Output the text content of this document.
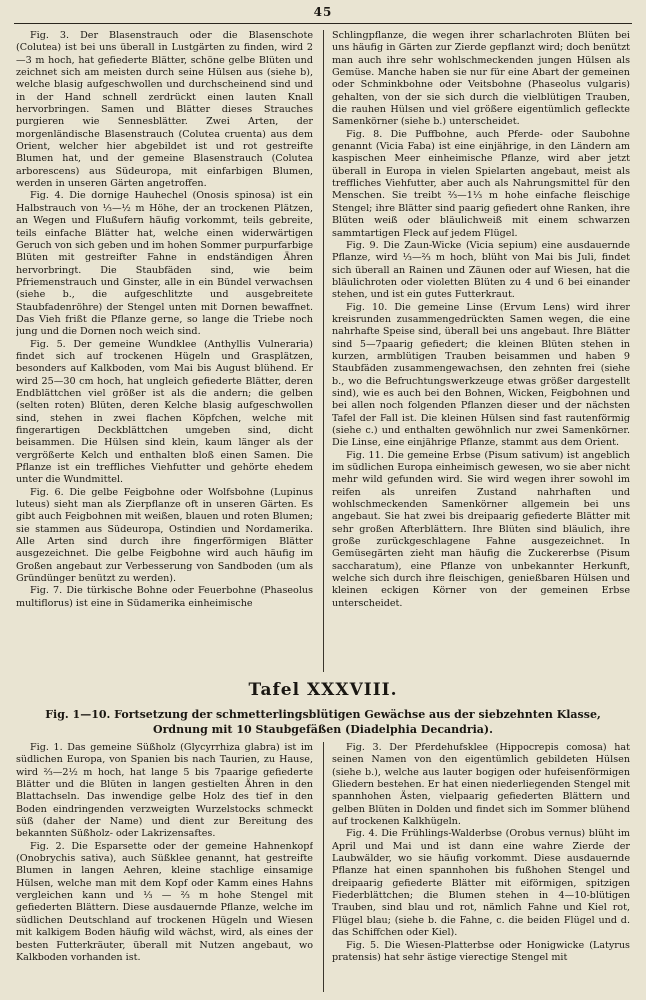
45

Fig. 3. Der Blasenstrauch oder die Blasenschote (Colutea) ist bei uns überall in Lustgärten zu finden, wird 2—3 m hoch, hat gefiederte Blätter, schöne gelbe Blüten und zeichnet sich am meisten durch seine Hülsen aus (siehe b), welche blasig aufgeschwollen und durchscheinend sind und in der Hand schnell zerdrückt einen lauten Knall hervorbringen. Samen und Blätter dieses Strauches purgieren wie Sennesblätter. Zwei Arten, der morgenländische Blasenstrauch (Colutea cruenta) aus dem Orient, welcher hier abgebildet ist und rot gestreifte Blumen hat, und der gemeine Blasenstrauch (Colutea arborescens) aus Südeuropa, mit einfarbigen Blumen, werden in unseren Gärten angetroffen.

Fig. 4. Die dornige Hauhechel (Onosis spinosa) ist ein Halbstrauch von ⅓—½ m Höhe, der an trockenen Plätzen, an Wegen und Flußufern häufig vorkommt, teils gebreite, teils einfache Blätter hat, welche einen widerwärtigen Geruch von sich geben und im hohen Sommer purpurfarbige Blüten mit gestreifter Fahne in endständigen Ähren hervorbringt. Die Staubfäden sind, wie beim Pfriemenstrauch und Ginster, alle in ein Bündel verwachsen (siehe b., die aufgeschlitzte und ausgebreitete Staubfadenröhre) der Stengel unten mit Dornen bewaffnet. Das Vieh frißt die Pflanze gerne, so lange die Triebe noch jung und die Dornen noch weich sind.

Fig. 5. Der gemeine Wundklee (Anthyllis Vulneraria) findet sich auf trockenen Hügeln und Grasplätzen, besonders auf Kalkboden, vom Mai bis August blühend. Er wird 25—30 cm hoch, hat ungleich gefiederte Blätter, deren Endblättchen viel größer ist als die andern; die gelben (selten roten) Blüten, deren Kelche blasig aufgeschwollen sind, stehen in zwei flachen Köpfchen, welche mit fingerartigen Deckblättchen umgeben sind, dicht beisammen. Die Hülsen sind klein, kaum länger als der vergrößerte Kelch und enthalten bloß einen Samen. Die Pflanze ist ein treffliches Viehfutter und gehörte ehedem unter die Wundmittel.

Fig. 6. Die gelbe Feigbohne oder Wolfsbohne (Lupinus luteus) sieht man als Zierpflanze oft in unseren Gärten. Es gibt auch Feigbohnen mit weißen, blauen und roten Blumen; sie stammen aus Südeuropa, Ostindien und Nordamerika. Alle Arten sind durch ihre fingerförmigen Blätter ausgezeichnet. Die gelbe Feigbohne wird auch häufig im Großen angebaut zur Verbesserung von Sandboden (um als Gründünger benützt zu werden).

Fig. 7. Die türkische Bohne oder Feuerbohne (Phaseolus multiflorus) ist eine in Südamerika einheimische

Schlingpflanze, die wegen ihrer scharlachroten Blüten bei uns häufig in Gärten zur Zierde gepflanzt wird; doch benützt man auch ihre sehr wohlschmeckenden jungen Hülsen als Gemüse. Manche haben sie nur für eine Abart der gemeinen oder Schminkbohne oder Veitsbohne (Phaseolus vulgaris) gehalten, von der sie sich durch die vielblütigen Trauben, die rauhen Hülsen und viel größere eigentümlich gefleckte Samenkörner (siehe b.) unterscheidet.

Fig. 8. Die Puffbohne, auch Pferde- oder Saubohne genannt (Vicia Faba) ist eine einjährige, in den Ländern am kaspischen Meer einheimische Pflanze, wird aber jetzt überall in Europa in vielen Spielarten angebaut, meist als treffliches Viehfutter, aber auch als Nahrungsmittel für den Menschen. Sie treibt ⅔—1⅓ m hohe einfache fleischige Stengel; ihre Blätter sind paarig gefiedert ohne Ranken, ihre Blüten weiß oder bläulichweiß mit einem schwarzen sammtartigen Fleck auf jedem Flügel.

Fig. 9. Die Zaun-Wicke (Vicia sepium) eine ausdauernde Pflanze, wird ⅓—⅔ m hoch, blüht von Mai bis Juli, findet sich überall an Rainen und Zäunen oder auf Wiesen, hat die bläulichroten oder violetten Blüten zu 4 und 6 bei einander stehen, und ist ein gutes Futterkraut.

Fig. 10. Die gemeine Linse (Ervum Lens) wird ihrer kreisrunden zusammengedrückten Samen wegen, die eine nahrhafte Speise sind, überall bei uns angebaut. Ihre Blätter sind 5—7paarig gefiedert; die kleinen Blüten stehen in kurzen, armblütigen Trauben beisammen und haben 9 Staubfäden zusammengewachsen, den zehnten frei (siehe b., wo die Befruchtungswerkzeuge etwas größer dargestellt sind), wie es auch bei den Bohnen, Wicken, Feigbohnen und bei allen noch folgenden Pflanzen dieser und der nächsten Tafel der Fall ist. Die kleinen Hülsen sind fast rautenförmig (siehe c.) und enthalten gewöhnlich nur zwei Samenkörner. Die Linse, eine einjährige Pflanze, stammt aus dem Orient.

Fig. 11. Die gemeine Erbse (Pisum sativum) ist angeblich im südlichen Europa einheimisch gewesen, wo sie aber nicht mehr wild gefunden wird. Sie wird wegen ihrer sowohl im reifen als unreifen Zustand nahrhaften und wohlschmeckenden Samenkörner allgemein bei uns angebaut. Sie hat zwei bis dreipaarig gefiederte Blätter mit sehr großen Afterblättern. Ihre Blüten sind bläulich, ihre große zurückgeschlagene Fahne ausgezeichnet. In Gemüsegärten zieht man häufig die Zuckererbse (Pisum saccharatum), eine Pflanze von unbekannter Herkunft, welche sich durch ihre fleischigen, genießbaren Hülsen und kleinen eckigen Körner von der gemeinen Erbse unterscheidet.

Tafel XXXVIII.
Fig. 1—10. Fortsetzung der schmetterlingsblütigen Gewächse aus der siebzehnten Klasse, Ordnung mit 10 Staubgefäßen (Diadelphia Decandria).

Fig. 1. Das gemeine Süßholz (Glycyrrhiza glabra) ist im südlichen Europa, von Spanien bis nach Taurien, zu Hause, wird ⅔—2½ m hoch, hat lange 5 bis 7paarige gefiederte Blätter und die Blüten in langen gestielten Ähren in den Blattachseln. Das inwendige gelbe Holz des tief in den Boden eindringenden verzweigten Wurzelstocks schmeckt süß (daher der Name) und dient zur Bereitung des bekannten Süßholz- oder Lakrizensaftes.

Fig. 2. Die Esparsette oder der gemeine Hahnenkopf (Onobrychis sativa), auch Süßklee genannt, hat gestreifte Blumen in langen Aehren, kleine stachlige einsamige Hülsen, welche man mit dem Kopf oder Kamm eines Hahns vergleichen kann und ⅓ — ⅔ m hohe Stengel mit gefiederten Blättern. Diese ausdauernde Pflanze, welche im südlichen Deutschland auf trockenen Hügeln und Wiesen mit kalkigem Boden häufig wild wächst, wird, als eines der besten Futterkräuter, überall mit Nutzen angebaut, wo Kalkboden vorhanden ist.

Fig. 3. Der Pferdehufsklee (Hippocrepis comosa) hat seinen Namen von den eigentümlich gebildeten Hülsen (siehe b.), welche aus lauter bogigen oder hufeisenförmigen Gliedern bestehen. Er hat einen niederliegenden Stengel mit spannhohen Ästen, vielpaarig gefiederten Blättern und gelben Blüten in Dolden und findet sich im Sommer blühend auf trockenen Kalkhügeln.

Fig. 4. Die Frühlings-Walderbse (Orobus vernus) blüht im April und Mai und ist dann eine wahre Zierde der Laubwälder, wo sie häufig vorkommt. Diese ausdauernde Pflanze hat einen spannhohen bis fußhohen Stengel und dreipaarig gefiederte Blätter mit eiförmigen, spitzigen Fiederblättchen; die Blumen stehen in 4—10-blütigen Trauben, sind blau und rot, nämlich Fahne und Kiel rot, Flügel blau; (siehe b. die Fahne, c. die beiden Flügel und d. das Schiffchen oder Kiel).

Fig. 5. Die Wiesen-Platterbse oder Honigwicke (Latyrus pratensis) hat sehr ästige vierectige Stengel mit
